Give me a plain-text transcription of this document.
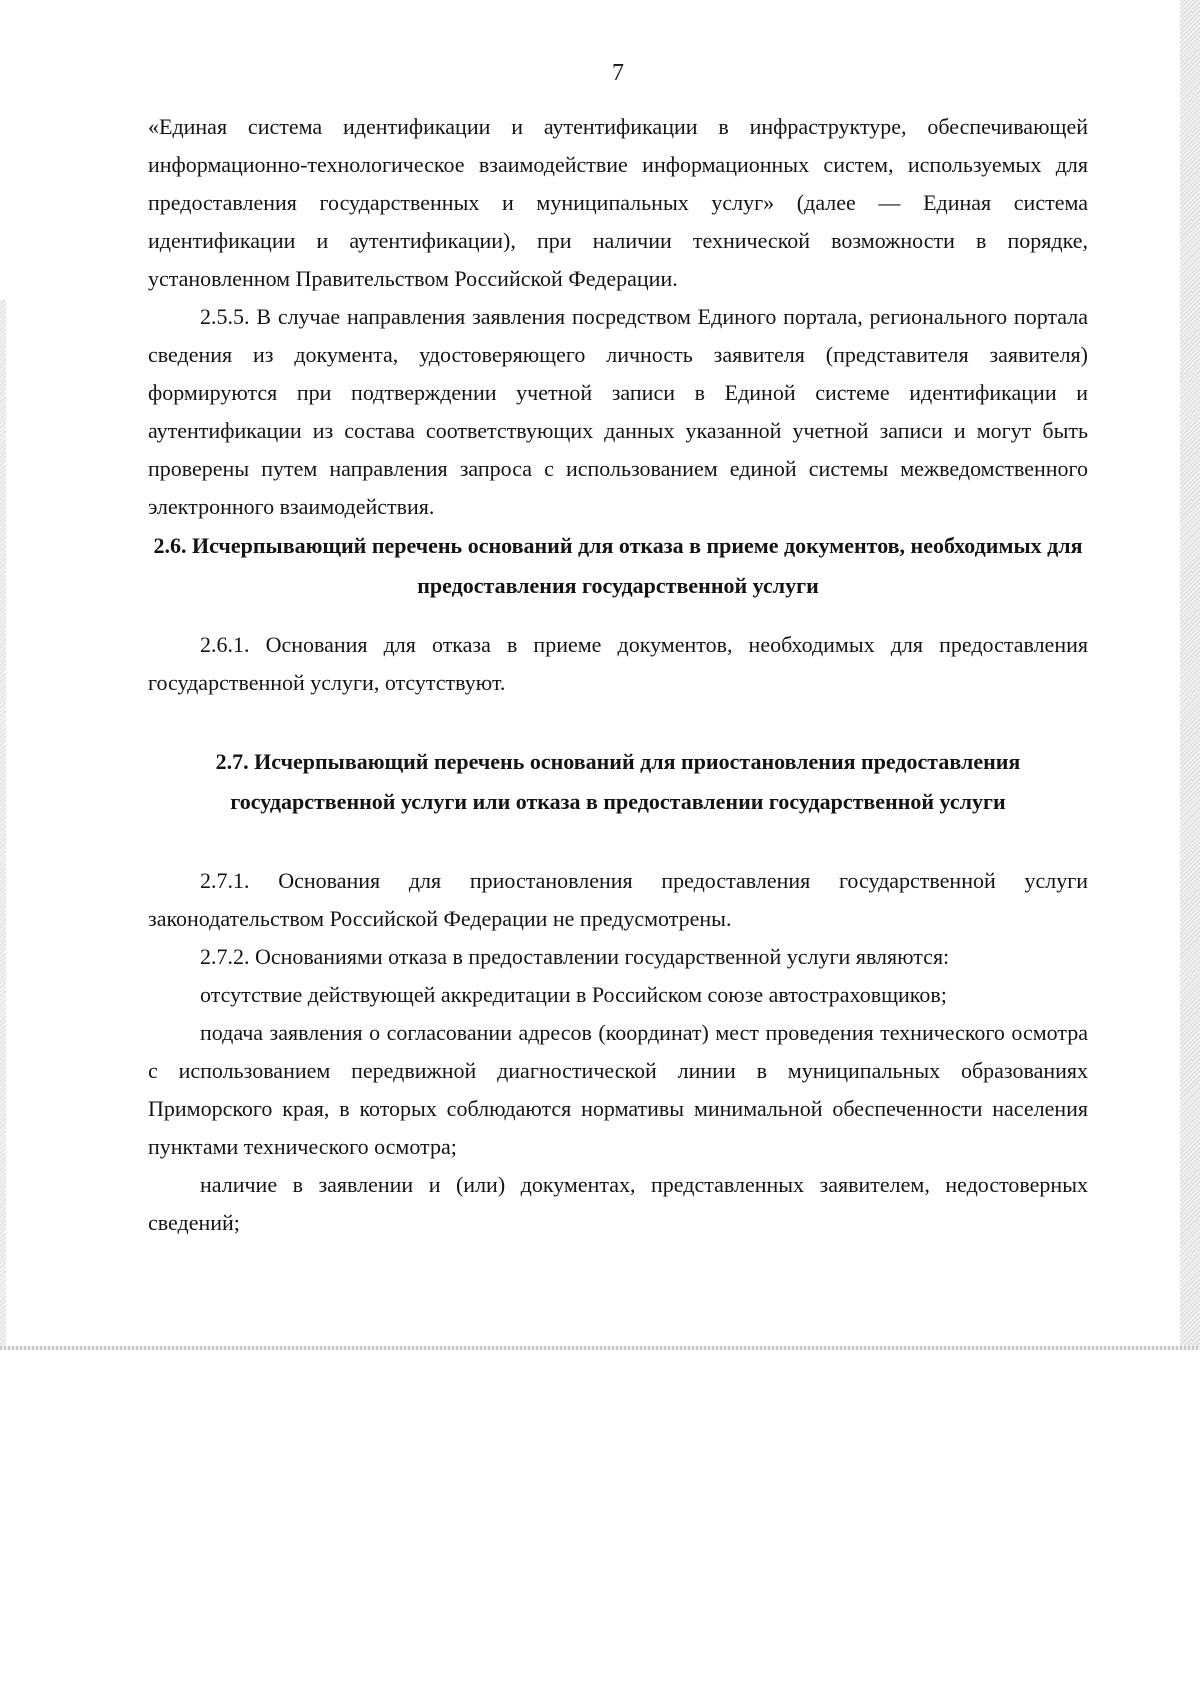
7

«Единая система идентификации и аутентификации в инфраструктуре, обеспечивающей информационно-технологическое взаимодействие информационных систем, используемых для предоставления государственных и муниципальных услуг» (далее — Единая система идентификации и аутентификации), при наличии технической возможности в порядке, установленном Правительством Российской Федерации.

2.5.5. В случае направления заявления посредством Единого портала, регионального портала сведения из документа, удостоверяющего личность заявителя (представителя заявителя) формируются при подтверждении учетной записи в Единой системе идентификации и аутентификации из состава соответствующих данных указанной учетной записи и могут быть проверены путем направления запроса с использованием единой системы межведомственного электронного взаимодействия.

2.6. Исчерпывающий перечень оснований для отказа в приеме документов, необходимых для предоставления государственной услуги

2.6.1. Основания для отказа в приеме документов, необходимых для предоставления государственной услуги, отсутствуют.

2.7. Исчерпывающий перечень оснований для приостановления предоставления государственной услуги или отказа в предоставлении государственной услуги

2.7.1. Основания для приостановления предоставления государственной услуги законодательством Российской Федерации не предусмотрены.

2.7.2. Основаниями отказа в предоставлении государственной услуги являются:

отсутствие действующей аккредитации в Российском союзе автостраховщиков;

подача заявления о согласовании адресов (координат) мест проведения технического осмотра с использованием передвижной диагностической линии в муниципальных образованиях Приморского края, в которых соблюдаются нормативы минимальной обеспеченности населения пунктами технического осмотра;

наличие в заявлении и (или) документах, представленных заявителем, недостоверных сведений;
